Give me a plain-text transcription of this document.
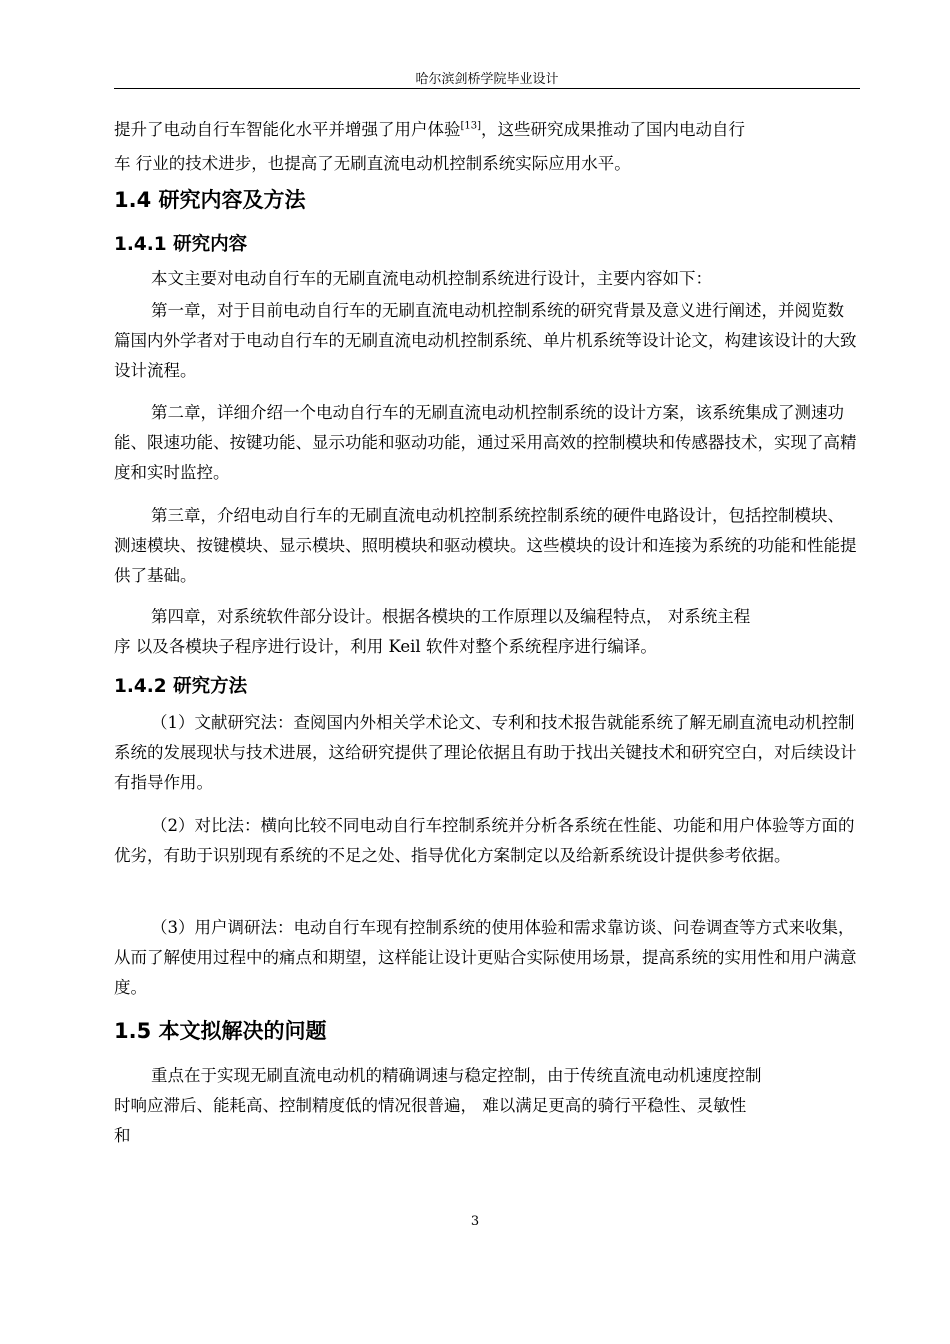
哈尔滨剑桥学院毕业设计

提升了电动自行车智能化水平并增强了用户体验[13]，这些研究成果推动了国内电动自行

车 行业的技术进步，也提高了无刷直流电动机控制系统实际应用水平。

1.4 研究内容及方法
1.4.1 研究内容

本文主要对电动自行车的无刷直流电动机控制系统进行设计，主要内容如下：

第一章，对于目前电动自行车的无刷直流电动机控制系统的研究背景及意义进行阐述，并阅览数篇国内外学者对于电动自行车的无刷直流电动机控制系统、单片机系统等设计论文，构建该设计的大致设计流程。

第二章，详细介绍一个电动自行车的无刷直流电动机控制系统的设计方案，该系统集成了测速功能、限速功能、按键功能、显示功能和驱动功能，通过采用高效的控制模块和传感器技术，实现了高精度和实时监控。

第三章，介绍电动自行车的无刷直流电动机控制系统控制系统的硬件电路设计，包括控制模块、测速模块、按键模块、显示模块、照明模块和驱动模块。这些模块的设计和连接为系统的功能和性能提供了基础。

第四章，对系统软件部分设计。根据各模块的工作原理以及编程特点， 对系统主程

序 以及各模块子程序进行设计，利用 Keil 软件对整个系统程序进行编译。

1.4.2 研究方法

（1）文献研究法：查阅国内外相关学术论文、专利和技术报告就能系统了解无刷直流电动机控制系统的发展现状与技术进展，这给研究提供了理论依据且有助于找出关键技术和研究空白，对后续设计有指导作用。

（2）对比法：横向比较不同电动自行车控制系统并分析各系统在性能、功能和用户体验等方面的优劣，有助于识别现有系统的不足之处、指导优化方案制定以及给新系统设计提供参考依据。

（3）用户调研法：电动自行车现有控制系统的使用体验和需求靠访谈、问卷调查等方式来收集，从而了解使用过程中的痛点和期望，这样能让设计更贴合实际使用场景，提高系统的实用性和用户满意度。

1.5 本文拟解决的问题

重点在于实现无刷直流电动机的精确调速与稳定控制，由于传统直流电动机速度控制

时响应滞后、能耗高、控制精度低的情况很普遍， 难以满足更高的骑行平稳性、灵敏性

和

3
